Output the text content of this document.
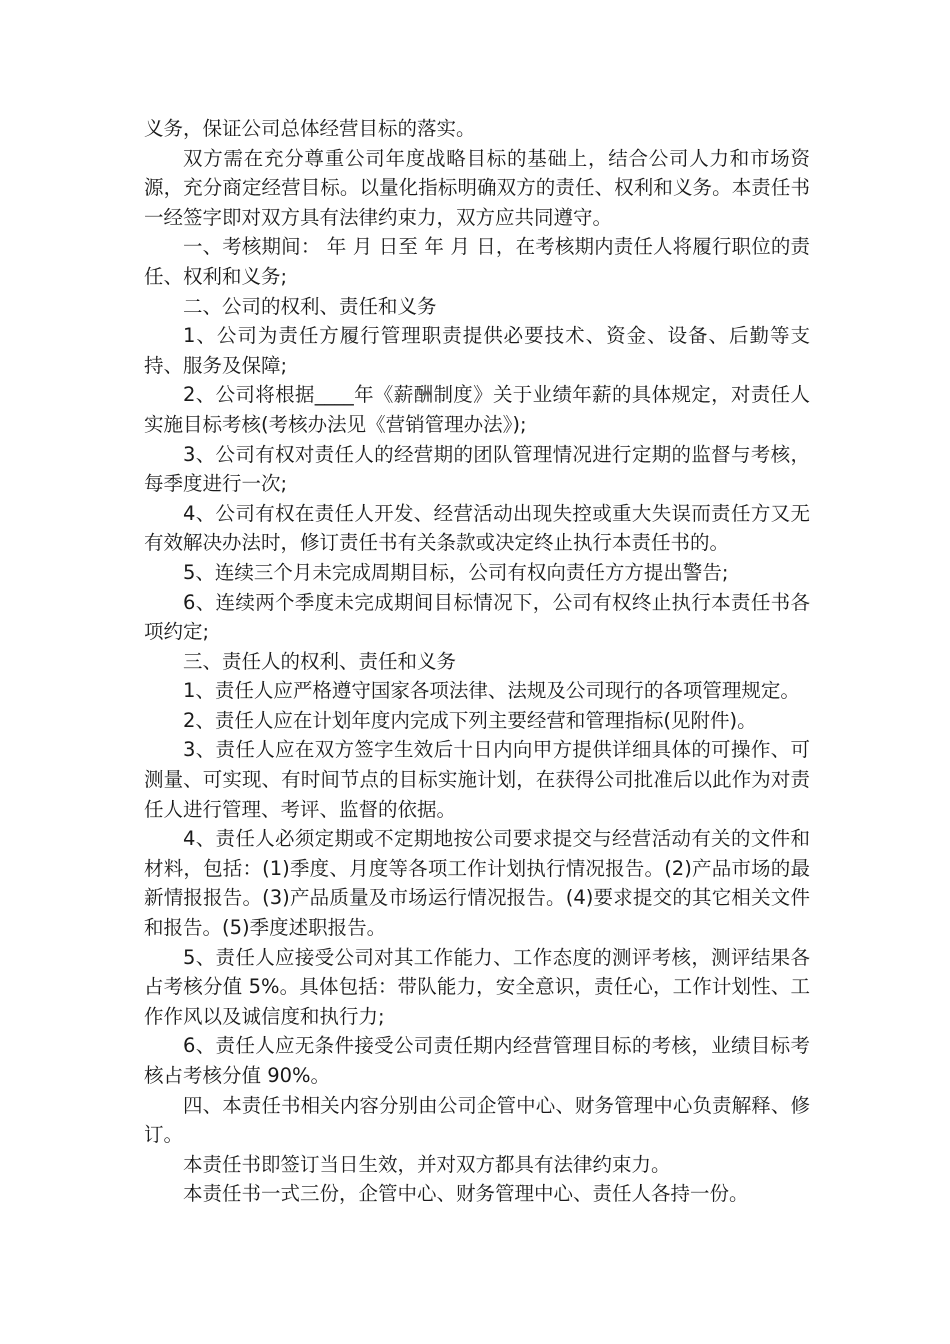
义务，保证公司总体经营目标的落实。

双方需在充分尊重公司年度战略目标的基础上，结合公司人力和市场资源，充分商定经营目标。以量化指标明确双方的责任、权利和义务。本责任书一经签字即对双方具有法律约束力，双方应共同遵守。

一、考核期间： 年 月 日至 年 月 日，在考核期内责任人将履行职位的责任、权利和义务;

二、公司的权利、责任和义务

1、公司为责任方履行管理职责提供必要技术、资金、设备、后勤等支持、服务及保障;

2、公司将根据____年《薪酬制度》关于业绩年薪的具体规定，对责任人实施目标考核(考核办法见《营销管理办法》);

3、公司有权对责任人的经营期的团队管理情况进行定期的监督与考核，每季度进行一次;

4、公司有权在责任人开发、经营活动出现失控或重大失误而责任方又无有效解决办法时，修订责任书有关条款或决定终止执行本责任书的。

5、连续三个月未完成周期目标，公司有权向责任方方提出警告;

6、连续两个季度未完成期间目标情况下，公司有权终止执行本责任书各项约定;

三、责任人的权利、责任和义务

1、责任人应严格遵守国家各项法律、法规及公司现行的各项管理规定。

2、责任人应在计划年度内完成下列主要经营和管理指标(见附件)。

3、责任人应在双方签字生效后十日内向甲方提供详细具体的可操作、可测量、可实现、有时间节点的目标实施计划，在获得公司批准后以此作为对责任人进行管理、考评、监督的依据。

4、责任人必须定期或不定期地按公司要求提交与经营活动有关的文件和材料，包括：(1)季度、月度等各项工作计划执行情况报告。(2)产品市场的最新情报报告。(3)产品质量及市场运行情况报告。(4)要求提交的其它相关文件和报告。(5)季度述职报告。

5、责任人应接受公司对其工作能力、工作态度的测评考核，测评结果各占考核分值 5%。具体包括：带队能力，安全意识，责任心，工作计划性、工作作风以及诚信度和执行力;

6、责任人应无条件接受公司责任期内经营管理目标的考核，业绩目标考核占考核分值 90%。

四、本责任书相关内容分别由公司企管中心、财务管理中心负责解释、修订。

本责任书即签订当日生效，并对双方都具有法律约束力。

本责任书一式三份，企管中心、财务管理中心、责任人各持一份。
